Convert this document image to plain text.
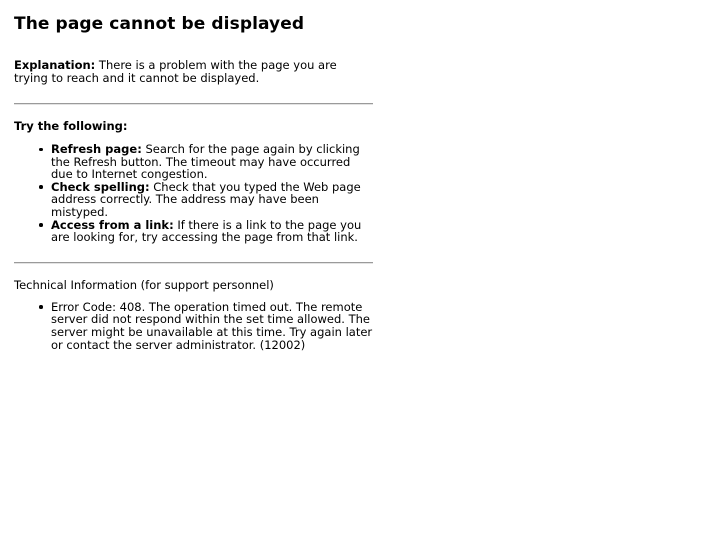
The page cannot be displayed

Explanation: There is a problem with the page you are trying to reach and it cannot be displayed.

Try the following:
Refresh page: Search for the page again by clicking the Refresh button. The timeout may have occurred due to Internet congestion.
Check spelling: Check that you typed the Web page address correctly. The address may have been mistyped.
Access from a link: If there is a link to the page you are looking for, try accessing the page from that link.
Technical Information (for support personnel)
Error Code: 408. The operation timed out. The remote server did not respond within the set time allowed. The server might be unavailable at this time. Try again later or contact the server administrator. (12002)
